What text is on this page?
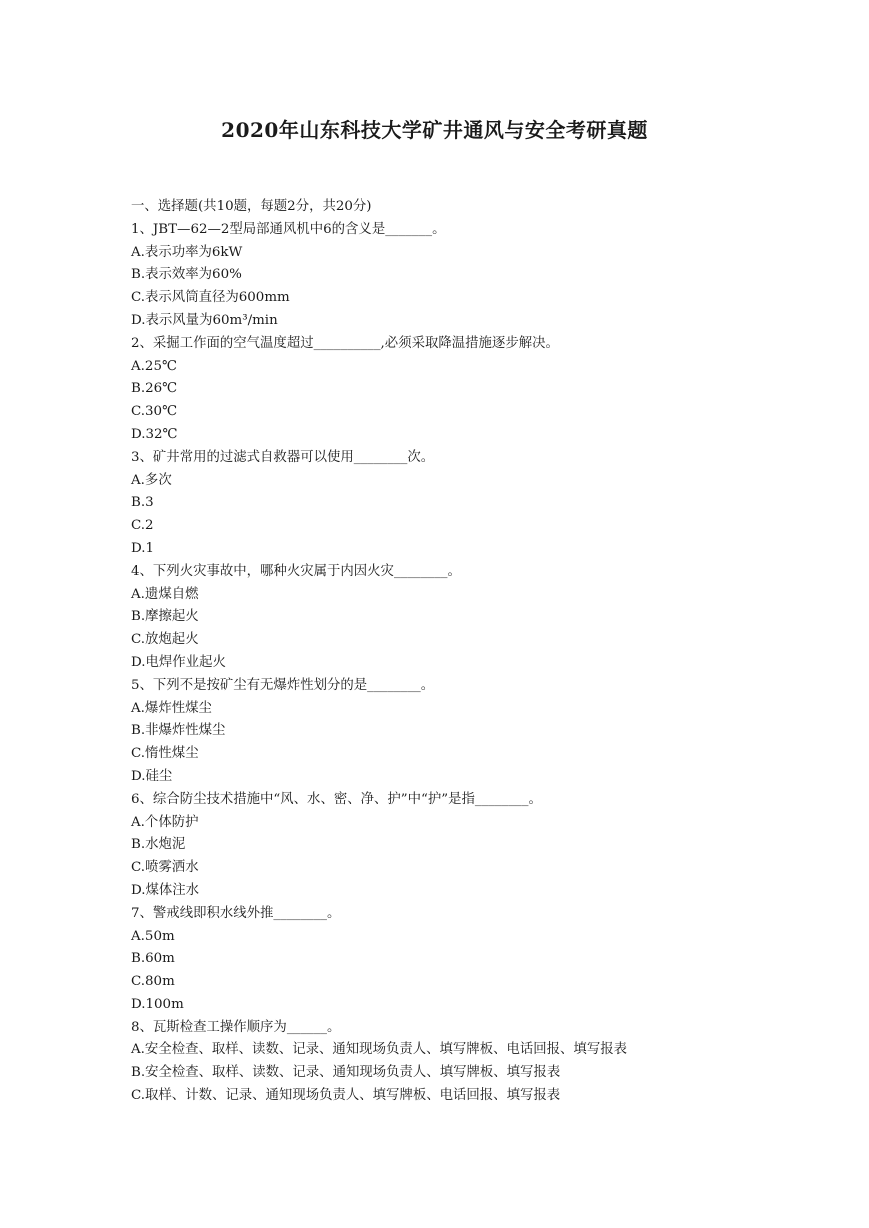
2020年山东科技大学矿井通风与安全考研真题
一、选择题(共10题，每题2分，共20分)
1、JBT—62—2型局部通风机中6的含义是_______。
A.表示功率为6kW
B.表示效率为60%
C.表示风筒直径为600mm
D.表示风量为60m³/min
2、采掘工作面的空气温度超过__________,必须采取降温措施逐步解决。
A.25℃
B.26℃
C.30℃
D.32℃
3、矿井常用的过滤式自救器可以使用________次。
A.多次
B.3
C.2
D.1
4、下列火灾事故中，哪种火灾属于内因火灾________。
A.遗煤自燃
B.摩擦起火
C.放炮起火
D.电焊作业起火
5、下列不是按矿尘有无爆炸性划分的是________。
A.爆炸性煤尘
B.非爆炸性煤尘
C.惰性煤尘
D.硅尘
6、综合防尘技术措施中“风、水、密、净、护”中“护”是指________。
A.个体防护
B.水炮泥
C.喷雾洒水
D.煤体注水
7、警戒线即积水线外推________。
A.50m
B.60m
C.80m
D.100m
8、瓦斯检查工操作顺序为______。
A.安全检查、取样、读数、记录、通知现场负责人、填写牌板、电话回报、填写报表
B.安全检查、取样、读数、记录、通知现场负责人、填写牌板、填写报表
C.取样、计数、记录、通知现场负责人、填写牌板、电话回报、填写报表
